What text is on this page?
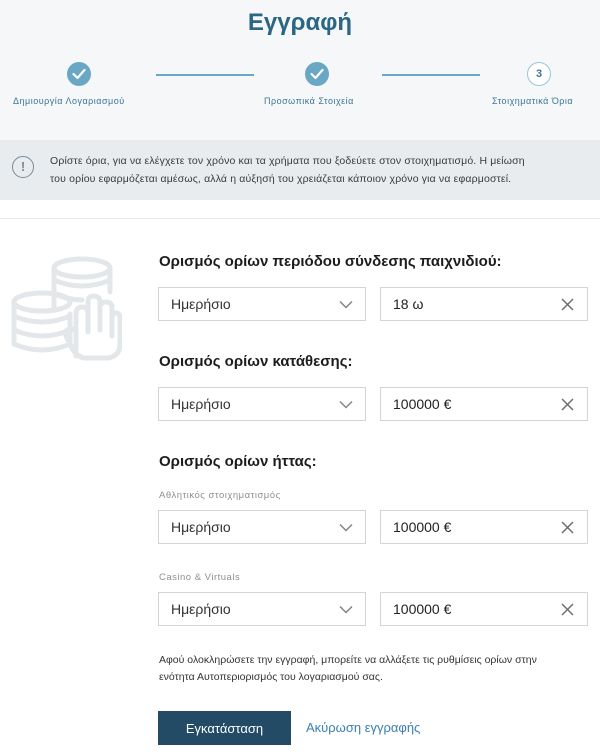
Εγγραφή
Δημιουργία Λογαριασμού	Προσωπικά Στοιχεία
3
Στοιχηματικά Όρια
!	Ορίστε όρια, για να ελέγχετε τον χρόνο και τα χρήματα που ξοδεύετε στον στοιχηματισμό. Η μείωση
του ορίου εφαρμόζεται αμέσως, αλλά η αύξησή του χρειάζεται κάποιον χρόνο για να εφαρμοστεί.
Ορισμός ορίων περιόδου σύνδεσης παιχνιδιού:
Ημερήσιο	18 ω
Ορισμός ορίων κατάθεσης:
Ημερήσιο	100000 €
Ορισμός ορίων ήττας:
Αθλητικός στοιχηματισμός
Ημερήσιο	100000 €
Casino & Virtuals
Ημερήσιο	100000 €
Αφού ολοκληρώσετε την εγγραφή, μπορείτε να αλλάξετε τις ρυθμίσεις ορίων στην
ενότητα Αυτοπεριορισμός του λογαριασμού σας.
Εγκατάσταση	Ακύρωση εγγραφής
